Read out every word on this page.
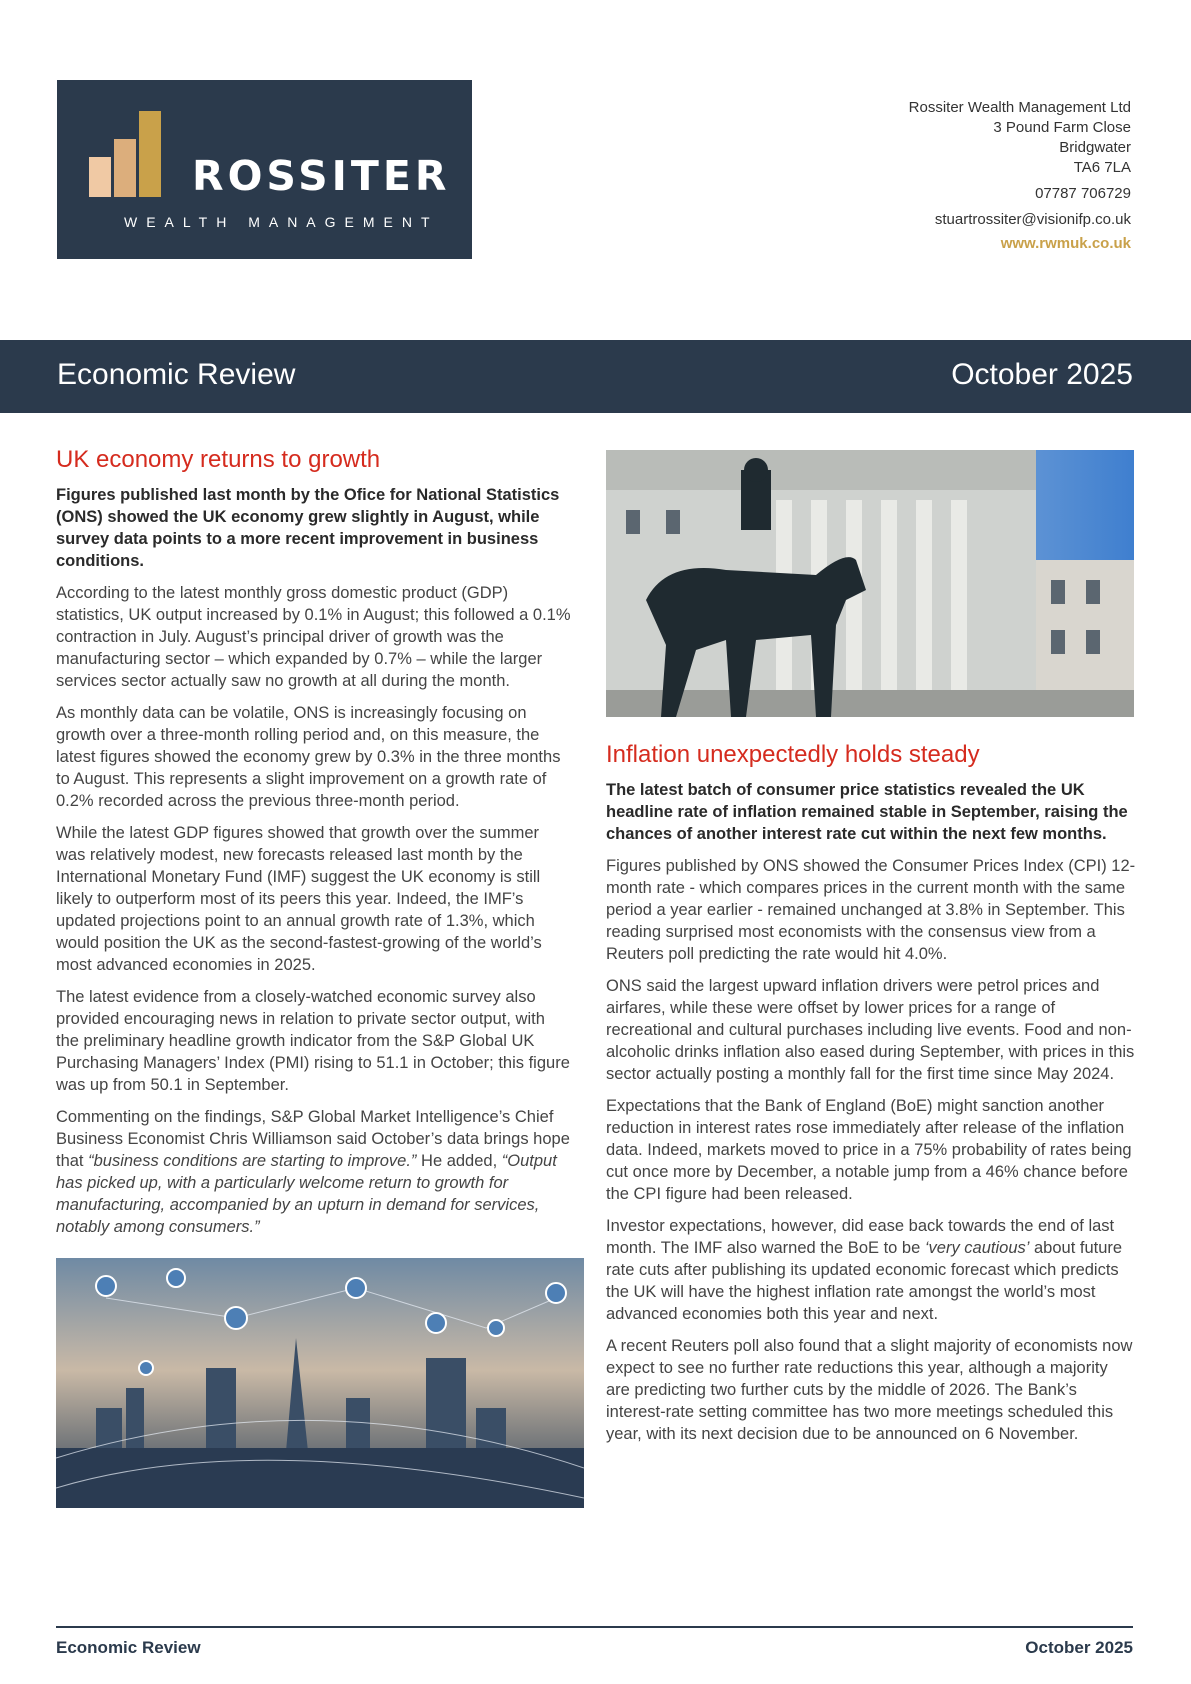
ROSSITER
WEALTH MANAGEMENT
Rossiter Wealth Management Ltd
3 Pound Farm Close
Bridgwater
TA6 7LA
07787 706729
stuartrossiter@visionifp.co.uk
www.rwmuk.co.uk
Economic Review	October 2025
UK economy returns to growth

Figures published last month by the Ofice for National Statistics (ONS) showed the UK economy grew slightly in August, while survey data points to a more recent improvement in business conditions.

According to the latest monthly gross domestic product (GDP) statistics, UK output increased by 0.1% in August; this followed a 0.1% contraction in July. August’s principal driver of growth was the manufacturing sector – which expanded by 0.7% – while the larger services sector actually saw no growth at all during the month.

As monthly data can be volatile, ONS is increasingly focusing on growth over a three-month rolling period and, on this measure, the latest figures showed the economy grew by 0.3% in the three months to August. This represents a slight improvement on a growth rate of 0.2% recorded across the previous three-month period.

While the latest GDP figures showed that growth over the summer was relatively modest, new forecasts released last month by the International Monetary Fund (IMF) suggest the UK economy is still likely to outperform most of its peers this year. Indeed, the IMF’s updated projections point to an annual growth rate of 1.3%, which would position the UK as the second-fastest-growing of the world’s most advanced economies in 2025.

The latest evidence from a closely-watched economic survey also provided encouraging news in relation to private sector output, with the preliminary headline growth indicator from the S&P Global UK Purchasing Managers’ Index (PMI) rising to 51.1 in October; this figure was up from 50.1 in September.

Commenting on the findings, S&P Global Market Intelligence’s Chief Business Economist Chris Williamson said October’s data brings hope that “business conditions are starting to improve.” He added, “Output has picked up, with a particularly welcome return to growth for manufacturing, accompanied by an upturn in demand for services, notably among consumers.”

Inflation unexpectedly holds steady

The latest batch of consumer price statistics revealed the UK headline rate of inflation remained stable in September, raising the chances of another interest rate cut within the next few months.

Figures published by ONS showed the Consumer Prices Index (CPI) 12-month rate - which compares prices in the current month with the same period a year earlier - remained unchanged at 3.8% in September. This reading surprised most economists with the consensus view from a Reuters poll predicting the rate would hit 4.0%.

ONS said the largest upward inflation drivers were petrol prices and airfares, while these were offset by lower prices for a range of recreational and cultural purchases including live events. Food and non-alcoholic drinks inflation also eased during September, with prices in this sector actually posting a monthly fall for the first time since May 2024.

Expectations that the Bank of England (BoE) might sanction another reduction in interest rates rose immediately after release of the inflation data. Indeed, markets moved to price in a 75% probability of rates being cut once more by December, a notable jump from a 46% chance before the CPI figure had been released.

Investor expectations, however, did ease back towards the end of last month. The IMF also warned the BoE to be ‘very cautious’ about future rate cuts after publishing its updated economic forecast which predicts the UK will have the highest inflation rate amongst the world’s most advanced economies both this year and next.

A recent Reuters poll also found that a slight majority of economists now expect to see no further rate reductions this year, although a majority are predicting two further cuts by the middle of 2026. The Bank’s interest-rate setting committee has two more meetings scheduled this year, with its next decision due to be announced on 6 November.

Economic Review	October 2025
